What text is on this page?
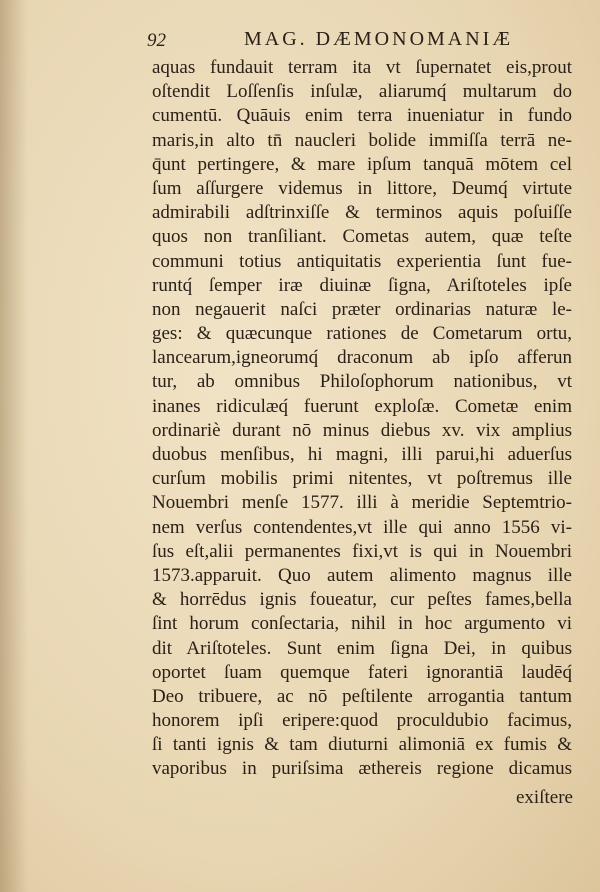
92	MAG. DÆMONOMANIÆ
aquas fundauit terram ita vt ſupernatet eis,prout
oſtendit Loſſenſis inſulæ, aliarumq́ multarum do
cumentū. Quāuis enim terra inueniatur in fundo
maris,in alto tn̄ naucleri bolide immiſſa terrā ne-
q̄unt pertingere, & mare ipſum tanquā mōtem cel
ſum aſſurgere videmus in littore, Deumq́ virtute
admirabili adſtrinxiſſe & terminos aquis poſuiſſe
quos non tranſiliant. Cometas autem, quæ teſte
communi totius antiquitatis experientia ſunt fue-
runtq́ ſemper iræ diuinæ ſigna, Ariſtoteles ipſe
non negauerit naſci præter ordinarias naturæ le-
ges: & quæcunque rationes de Cometarum ortu,
lancearum,igneorumq́ draconum ab ipſo afferun
tur, ab omnibus Philoſophorum nationibus, vt
inanes ridiculæq́ fuerunt exploſæ. Cometæ enim
ordinariè durant nō minus diebus xv. vix amplius
duobus menſibus, hi magni, illi parui,hi aduerſus
curſum mobilis primi nitentes, vt poſtremus ille
Nouembri menſe 1577. illi à meridie Septemtrio-
nem verſus contendentes,vt ille qui anno 1556 vi-
ſus eſt,alii permanentes fixi,vt is qui in Nouembri
1573.apparuit. Quo autem alimento magnus ille
& horrēdus ignis foueatur, cur peſtes fames,bella
ſint horum conſectaria, nihil in hoc argumento vi
dit Ariſtoteles. Sunt enim ſigna Dei, in quibus
oportet ſuam quemque fateri ignorantiā laudēq́
Deo tribuere, ac nō peſtilente arrogantia tantum
honorem ipſi eripere:quod proculdubio facimus,
ſi tanti ignis & tam diuturni alimoniā ex fumis &
vaporibus in puriſsima æthereis regione dicamus
exiſtere
